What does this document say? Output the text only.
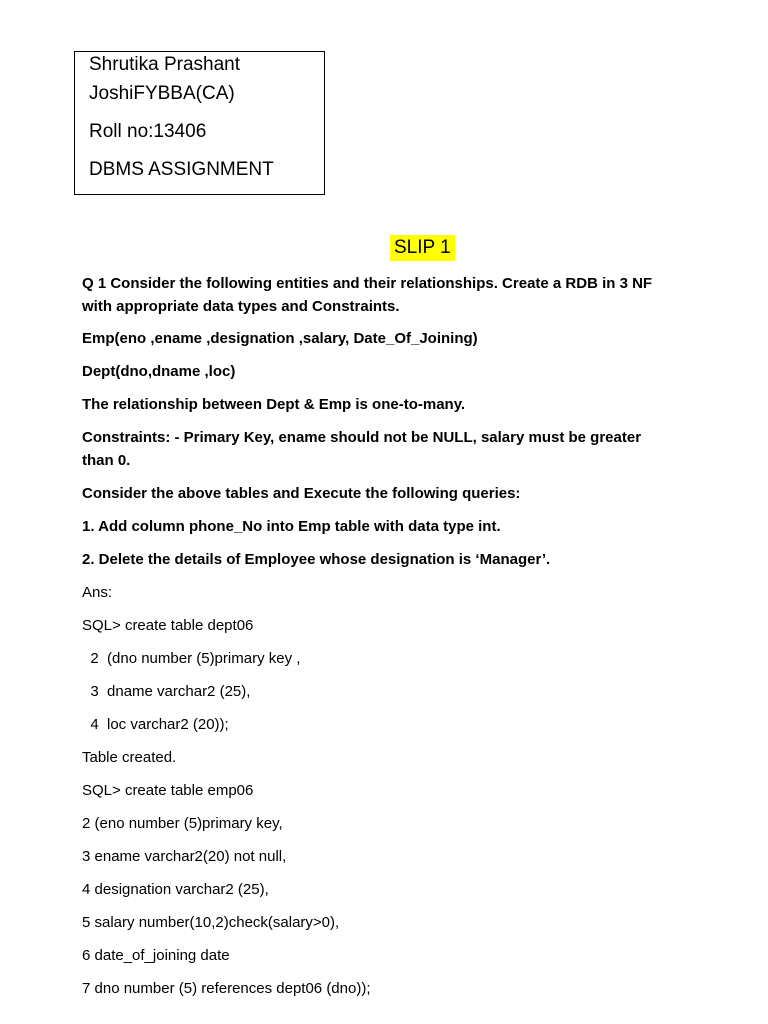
Shrutika Prashant
JoshiFYBBA(CA)
Roll no:13406
DBMS ASSIGNMENT
SLIP 1
Q 1 Consider the following entities and their relationships. Create a RDB in 3 NF
with appropriate data types and Constraints.
Emp(eno ,ename ,designation ,salary, Date_Of_Joining)
Dept(dno,dname ,loc)
The relationship between Dept & Emp is one-to-many.
Constraints: - Primary Key, ename should not be NULL, salary must be greater
than 0.
Consider the above tables and Execute the following queries:
1. Add column phone_No into Emp table with data type int.
2. Delete the details of Employee whose designation is ‘Manager’.
Ans:
SQL> create table dept06
2  (dno number (5)primary key ,
3  dname varchar2 (25),
4  loc varchar2 (20));
Table created.
SQL> create table emp06
2 (eno number (5)primary key,
3 ename varchar2(20) not null,
4 designation varchar2 (25),
5 salary number(10,2)check(salary>0),
6 date_of_joining date
7 dno number (5) references dept06 (dno));
